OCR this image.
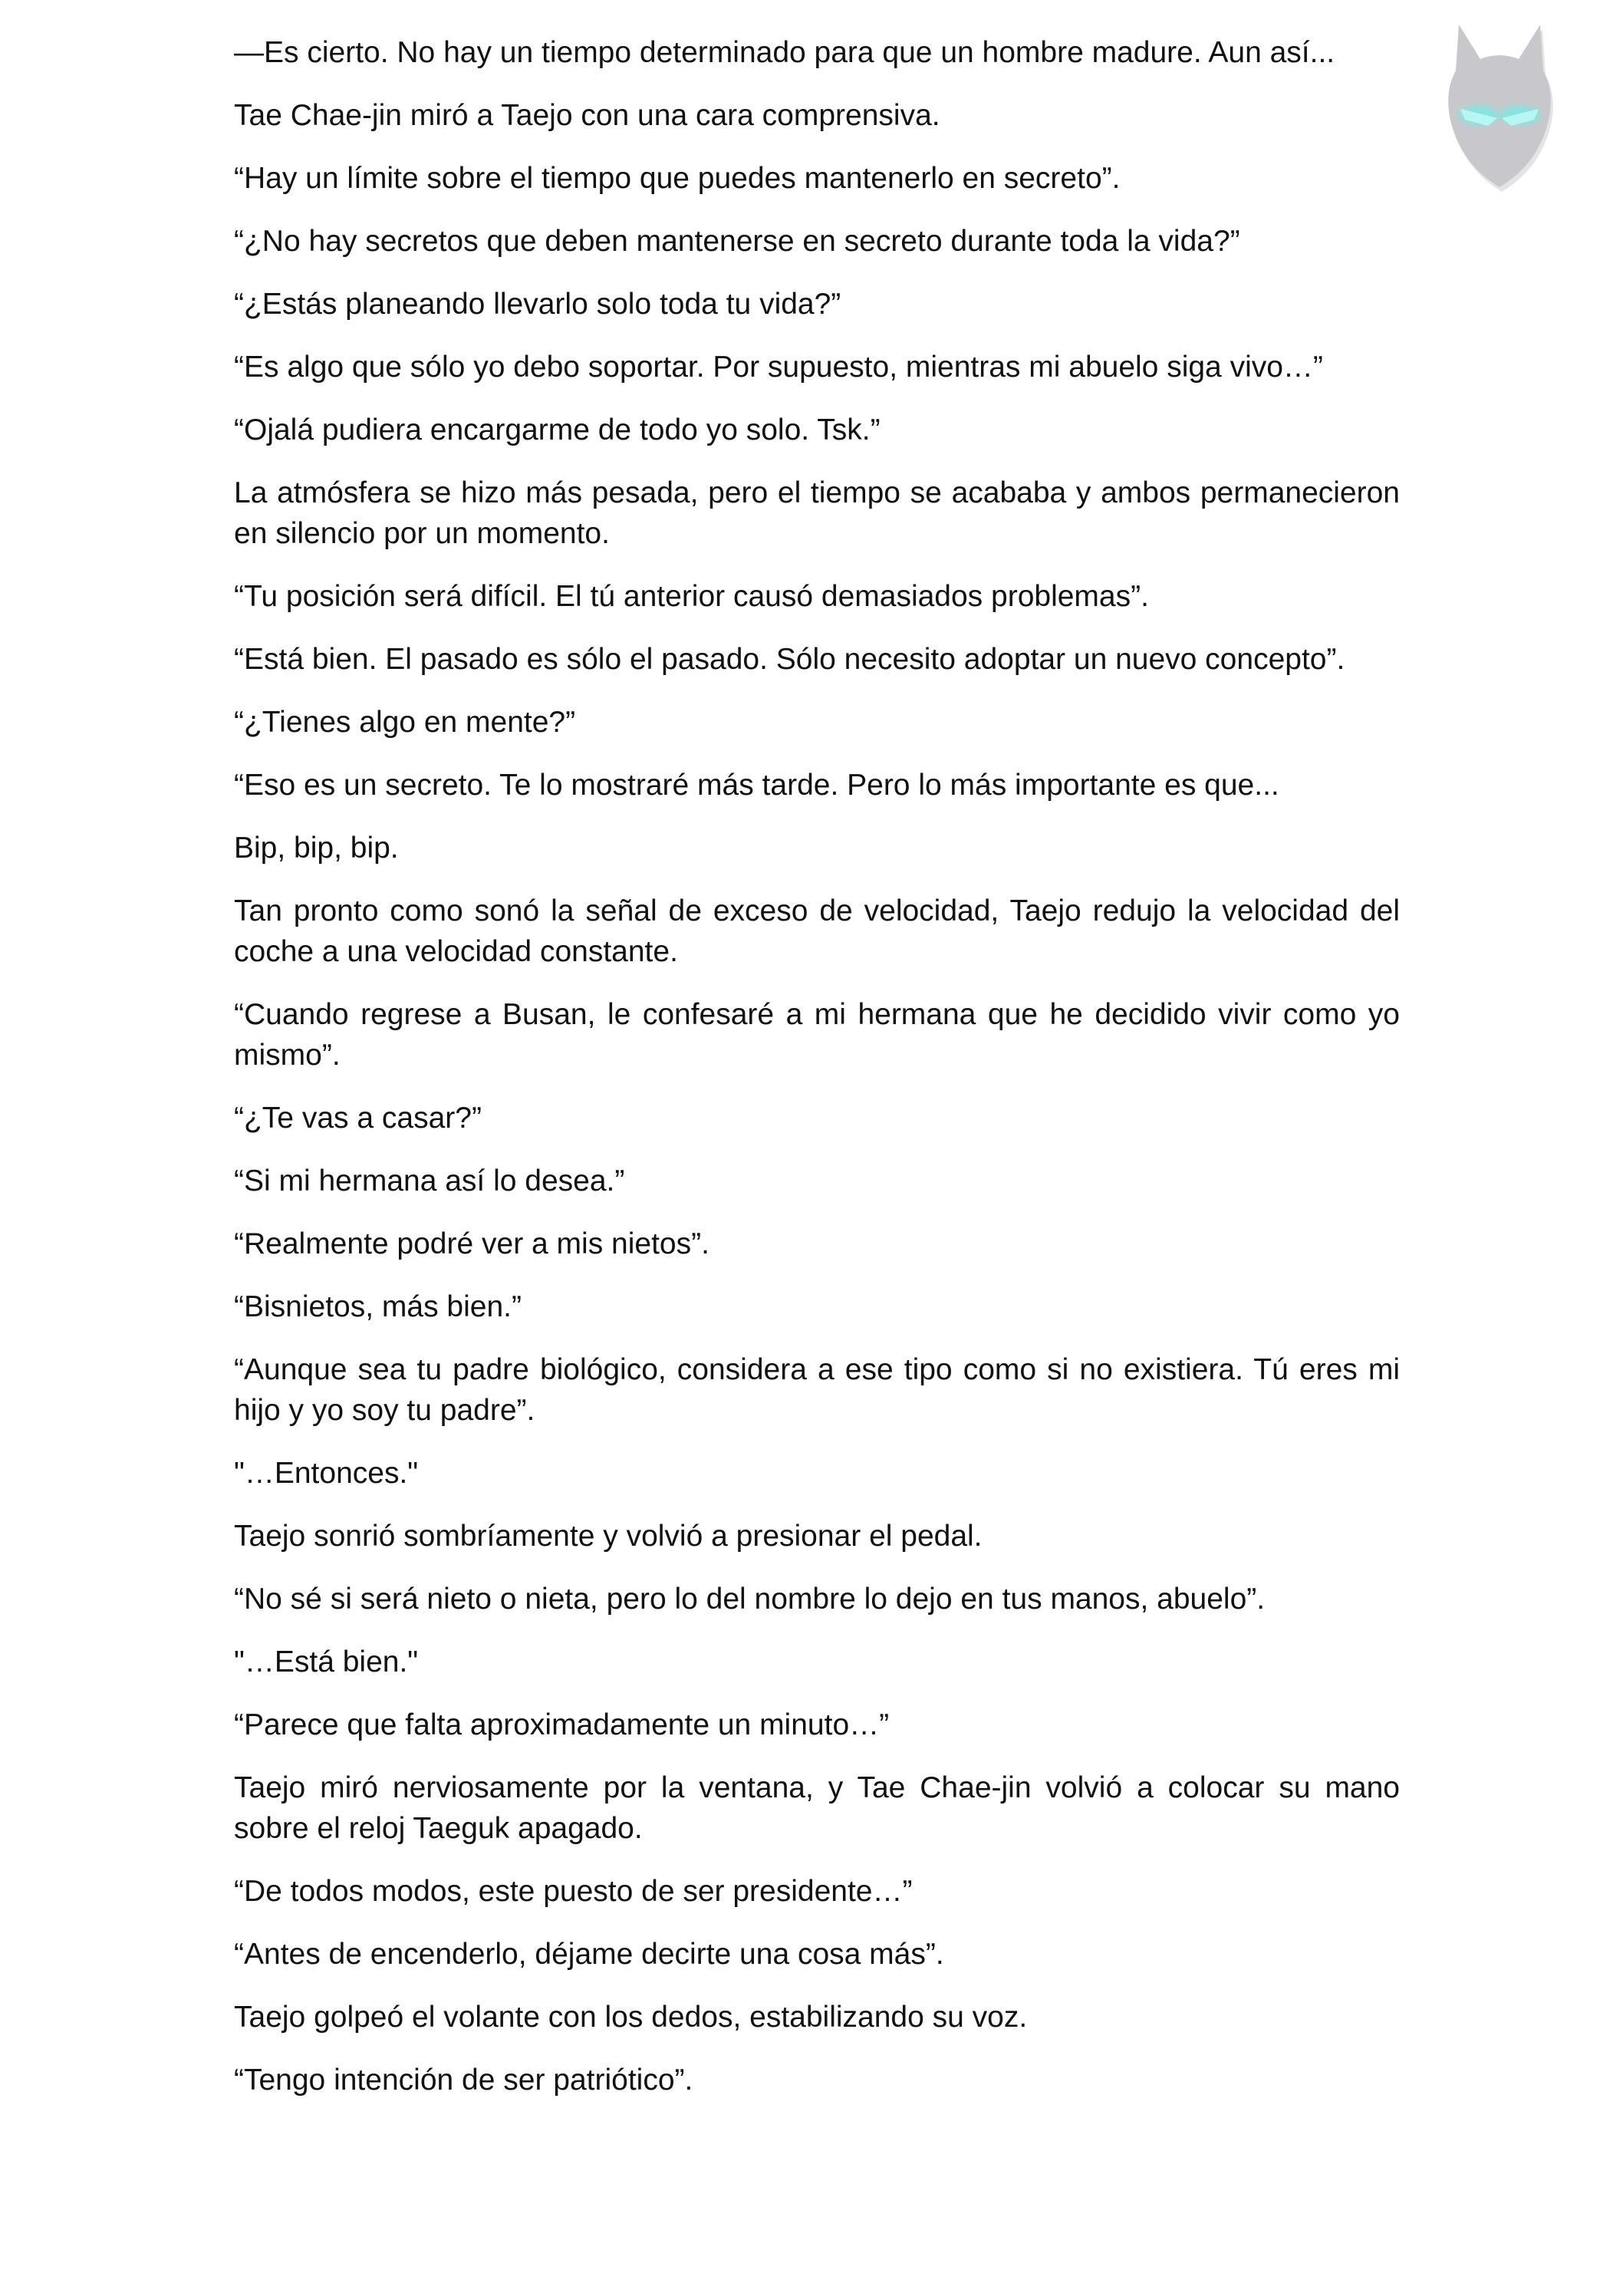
—Es cierto. No hay un tiempo determinado para que un hombre madure. Aun así...

Tae Chae-jin miró a Taejo con una cara comprensiva.

“Hay un límite sobre el tiempo que puedes mantenerlo en secreto”.

“¿No hay secretos que deben mantenerse en secreto durante toda la vida?”

“¿Estás planeando llevarlo solo toda tu vida?”

“Es algo que sólo yo debo soportar. Por supuesto, mientras mi abuelo siga vivo…”

“Ojalá pudiera encargarme de todo yo solo. Tsk.”

La atmósfera se hizo más pesada, pero el tiempo se acababa y ambos permanecieron en silencio por un momento.

“Tu posición será difícil. El tú anterior causó demasiados problemas”.

“Está bien. El pasado es sólo el pasado. Sólo necesito adoptar un nuevo concepto”.

“¿Tienes algo en mente?”

“Eso es un secreto. Te lo mostraré más tarde. Pero lo más importante es que...

Bip, bip, bip.

Tan pronto como sonó la señal de exceso de velocidad, Taejo redujo la velocidad del coche a una velocidad constante.

“Cuando regrese a Busan, le confesaré a mi hermana que he decidido vivir como yo mismo”.

“¿Te vas a casar?”

“Si mi hermana así lo desea.”

“Realmente podré ver a mis nietos”.

“Bisnietos, más bien.”

“Aunque sea tu padre biológico, considera a ese tipo como si no existiera. Tú eres mi hijo y yo soy tu padre”.

"…Entonces."

Taejo sonrió sombríamente y volvió a presionar el pedal.

“No sé si será nieto o nieta, pero lo del nombre lo dejo en tus manos, abuelo”.

"…Está bien."

“Parece que falta aproximadamente un minuto…”

Taejo miró nerviosamente por la ventana, y Tae Chae-jin volvió a colocar su mano sobre el reloj Taeguk apagado.

“De todos modos, este puesto de ser presidente…”

“Antes de encenderlo, déjame decirte una cosa más”.

Taejo golpeó el volante con los dedos, estabilizando su voz.

“Tengo intención de ser patriótico”.
